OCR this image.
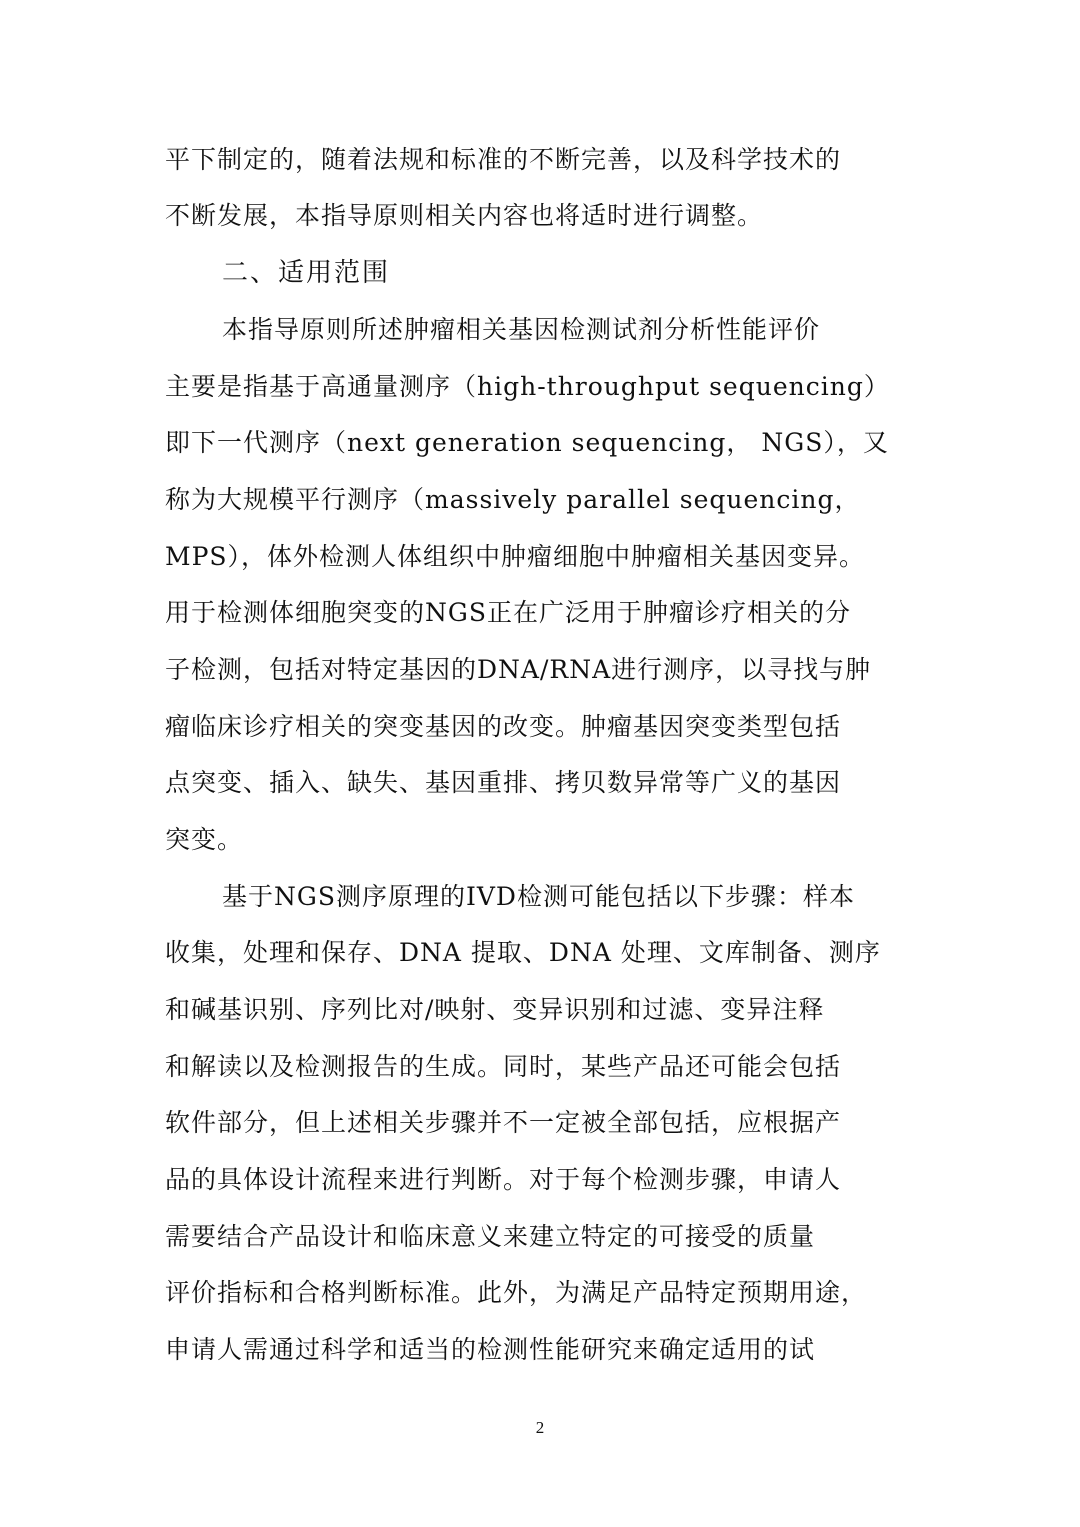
平下制定的，随着法规和标准的不断完善，以及科学技术的
不断发展，本指导原则相关内容也将适时进行调整。
二、适用范围
本指导原则所述肿瘤相关基因检测试剂分析性能评价
主要是指基于高通量测序（high-throughput sequencing）
即下一代测序（next generation sequencing， NGS），又
称为大规模平行测序（massively parallel sequencing，
MPS），体外检测人体组织中肿瘤细胞中肿瘤相关基因变异。
用于检测体细胞突变的NGS正在广泛用于肿瘤诊疗相关的分
子检测，包括对特定基因的DNA/RNA进行测序，以寻找与肿
瘤临床诊疗相关的突变基因的改变。肿瘤基因突变类型包括
点突变、插入、缺失、基因重排、拷贝数异常等广义的基因
突变。
基于NGS测序原理的IVD检测可能包括以下步骤：样本
收集，处理和保存、DNA 提取、DNA 处理、文库制备、测序
和碱基识别、序列比对/映射、变异识别和过滤、变异注释
和解读以及检测报告的生成。同时，某些产品还可能会包括
软件部分，但上述相关步骤并不一定被全部包括，应根据产
品的具体设计流程来进行判断。对于每个检测步骤，申请人
需要结合产品设计和临床意义来建立特定的可接受的质量
评价指标和合格判断标准。此外，为满足产品特定预期用途，
申请人需通过科学和适当的检测性能研究来确定适用的试
2
